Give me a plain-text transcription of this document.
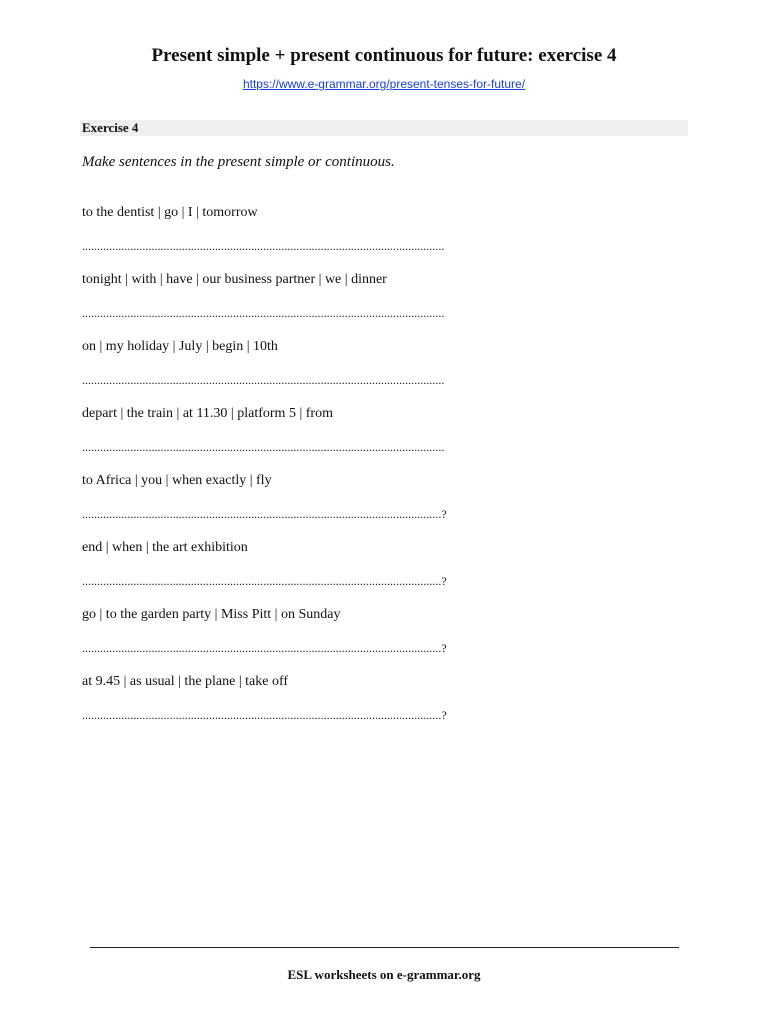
Present simple + present continuous for future: exercise 4
https://www.e-grammar.org/present-tenses-for-future/
Exercise 4
Make sentences in the present simple or continuous.
to the dentist | go | I | tomorrow
........................................................................................................................
tonight | with | have | our business partner | we | dinner
........................................................................................................................
on | my holiday | July | begin | 10th
........................................................................................................................
depart | the train | at 11.30 | platform 5 | from
........................................................................................................................
to Africa | you | when exactly | fly
.......................................................................................................................?
end | when | the art exhibition
.......................................................................................................................?
go | to the garden party | Miss Pitt | on Sunday
.......................................................................................................................?
at 9.45 | as usual | the plane | take off
.......................................................................................................................?
ESL worksheets on e-grammar.org
